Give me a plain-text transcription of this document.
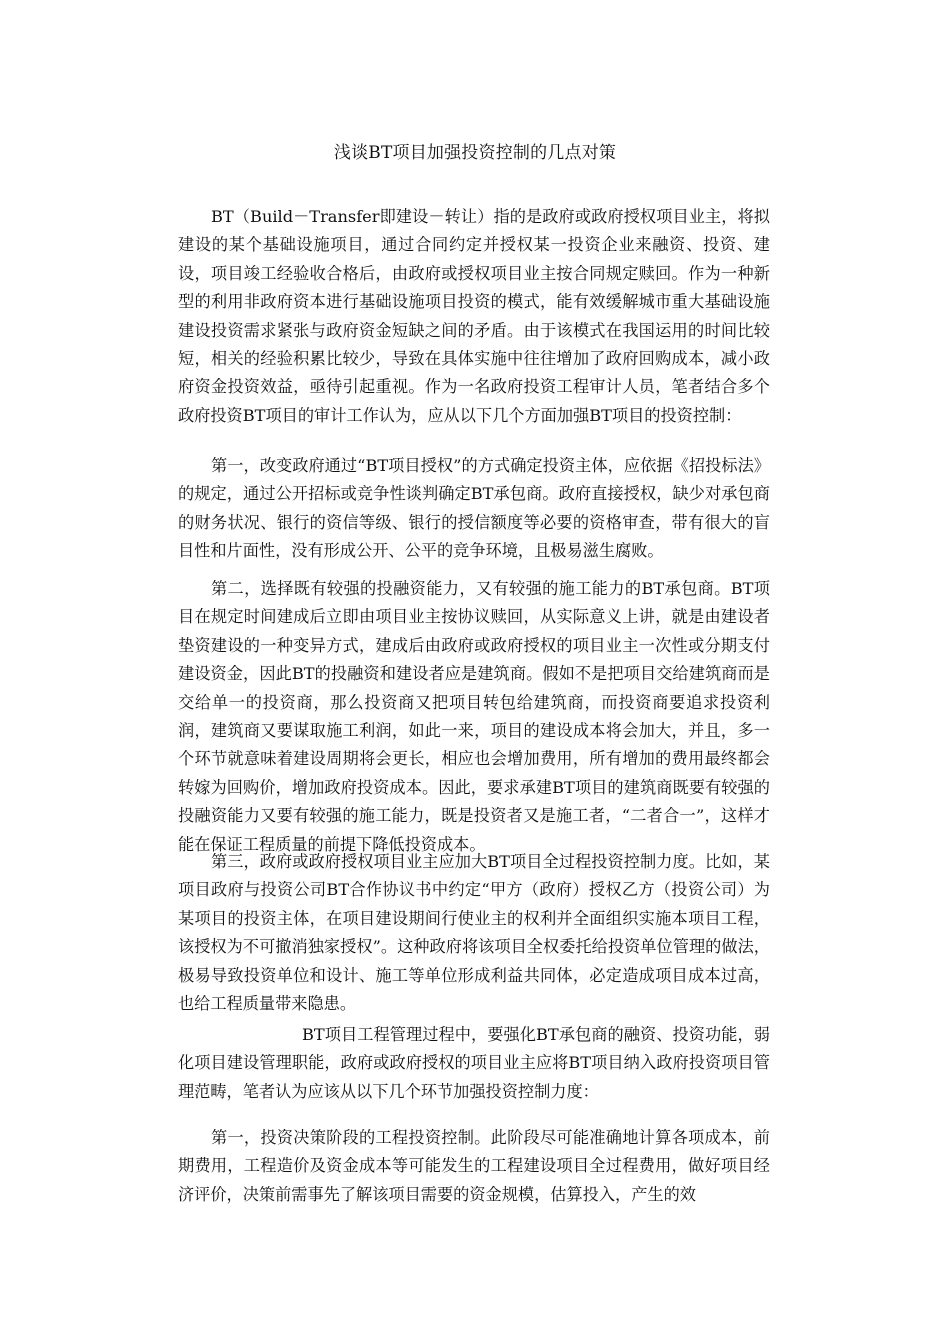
浅谈BT项目加强投资控制的几点对策

BT（Build－Transfer即建设－转让）指的是政府或政府授权项目业主，将拟建设的某个基础设施项目，通过合同约定并授权某一投资企业来融资、投资、建设，项目竣工经验收合格后，由政府或授权项目业主按合同规定赎回。作为一种新型的利用非政府资本进行基础设施项目投资的模式，能有效缓解城市重大基础设施建设投资需求紧张与政府资金短缺之间的矛盾。由于该模式在我国运用的时间比较短，相关的经验积累比较少，导致在具体实施中往往增加了政府回购成本，减小政府资金投资效益，亟待引起重视。作为一名政府投资工程审计人员，笔者结合多个政府投资BT项目的审计工作认为，应从以下几个方面加强BT项目的投资控制：

第一，改变政府通过“BT项目授权”的方式确定投资主体，应依据《招投标法》的规定，通过公开招标或竞争性谈判确定BT承包商。政府直接授权，缺少对承包商的财务状况、银行的资信等级、银行的授信额度等必要的资格审查，带有很大的盲目性和片面性，没有形成公开、公平的竞争环境，且极易滋生腐败。

第二，选择既有较强的投融资能力，又有较强的施工能力的BT承包商。BT项目在规定时间建成后立即由项目业主按协议赎回，从实际意义上讲，就是由建设者垫资建设的一种变异方式，建成后由政府或政府授权的项目业主一次性或分期支付建设资金，因此BT的投融资和建设者应是建筑商。假如不是把项目交给建筑商而是交给单一的投资商，那么投资商又把项目转包给建筑商，而投资商要追求投资利润，建筑商又要谋取施工利润，如此一来，项目的建设成本将会加大，并且，多一个环节就意味着建设周期将会更长，相应也会增加费用，所有增加的费用最终都会转嫁为回购价，增加政府投资成本。因此，要求承建BT项目的建筑商既要有较强的投融资能力又要有较强的施工能力，既是投资者又是施工者，“二者合一”，这样才能在保证工程质量的前提下降低投资成本。

第三，政府或政府授权项目业主应加大BT项目全过程投资控制力度。比如，某项目政府与投资公司BT合作协议书中约定“甲方（政府）授权乙方（投资公司）为某项目的投资主体，在项目建设期间行使业主的权利并全面组织实施本项目工程，该授权为不可撤消独家授权”。这种政府将该项目全权委托给投资单位管理的做法，极易导致投资单位和设计、施工等单位形成利益共同体，必定造成项目成本过高，也给工程质量带来隐患。

BT项目工程管理过程中，要强化BT承包商的融资、投资功能，弱化项目建设管理职能，政府或政府授权的项目业主应将BT项目纳入政府投资项目管理范畴，笔者认为应该从以下几个环节加强投资控制力度：

第一，投资决策阶段的工程投资控制。此阶段尽可能准确地计算各项成本，前期费用，工程造价及资金成本等可能发生的工程建设项目全过程费用，做好项目经济评价，决策前需事先了解该项目需要的资金规模，估算投入，产生的效
